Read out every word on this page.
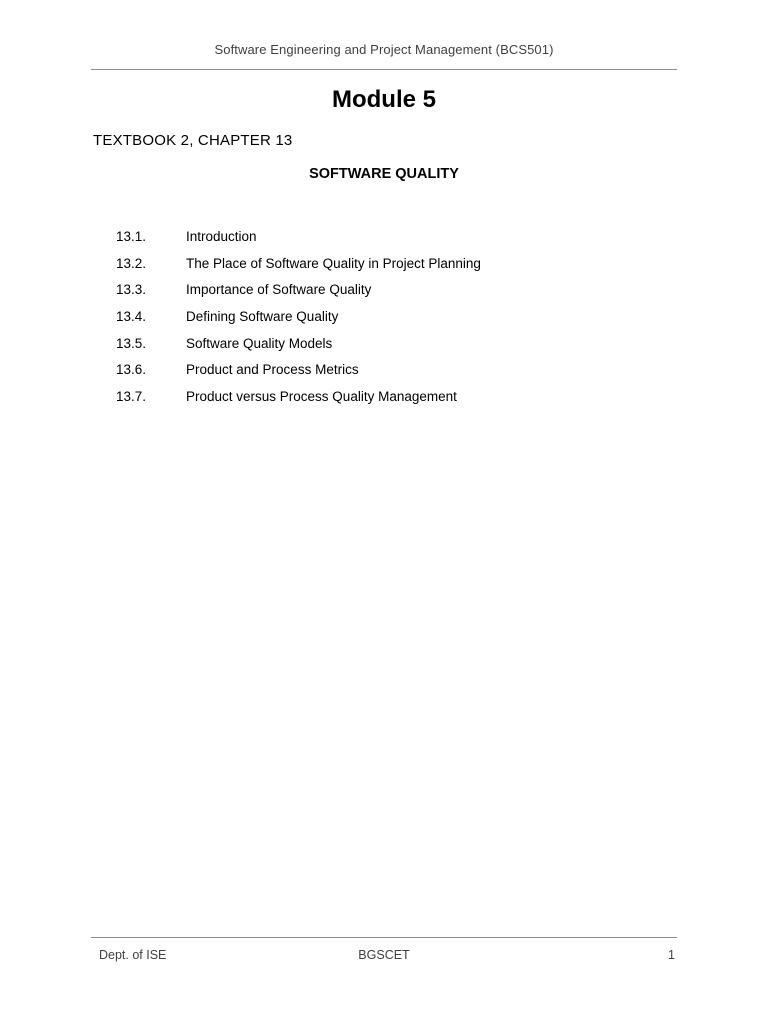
Software Engineering and Project Management (BCS501)
Module 5
TEXTBOOK 2, CHAPTER 13
SOFTWARE QUALITY
13.1.	Introduction
13.2.	The Place of Software Quality in Project Planning
13.3.	Importance of Software Quality
13.4.	Defining Software Quality
13.5.	Software Quality Models
13.6.	Product and Process Metrics
13.7.	Product versus Process Quality Management
Dept. of ISE	BGSCET	1
